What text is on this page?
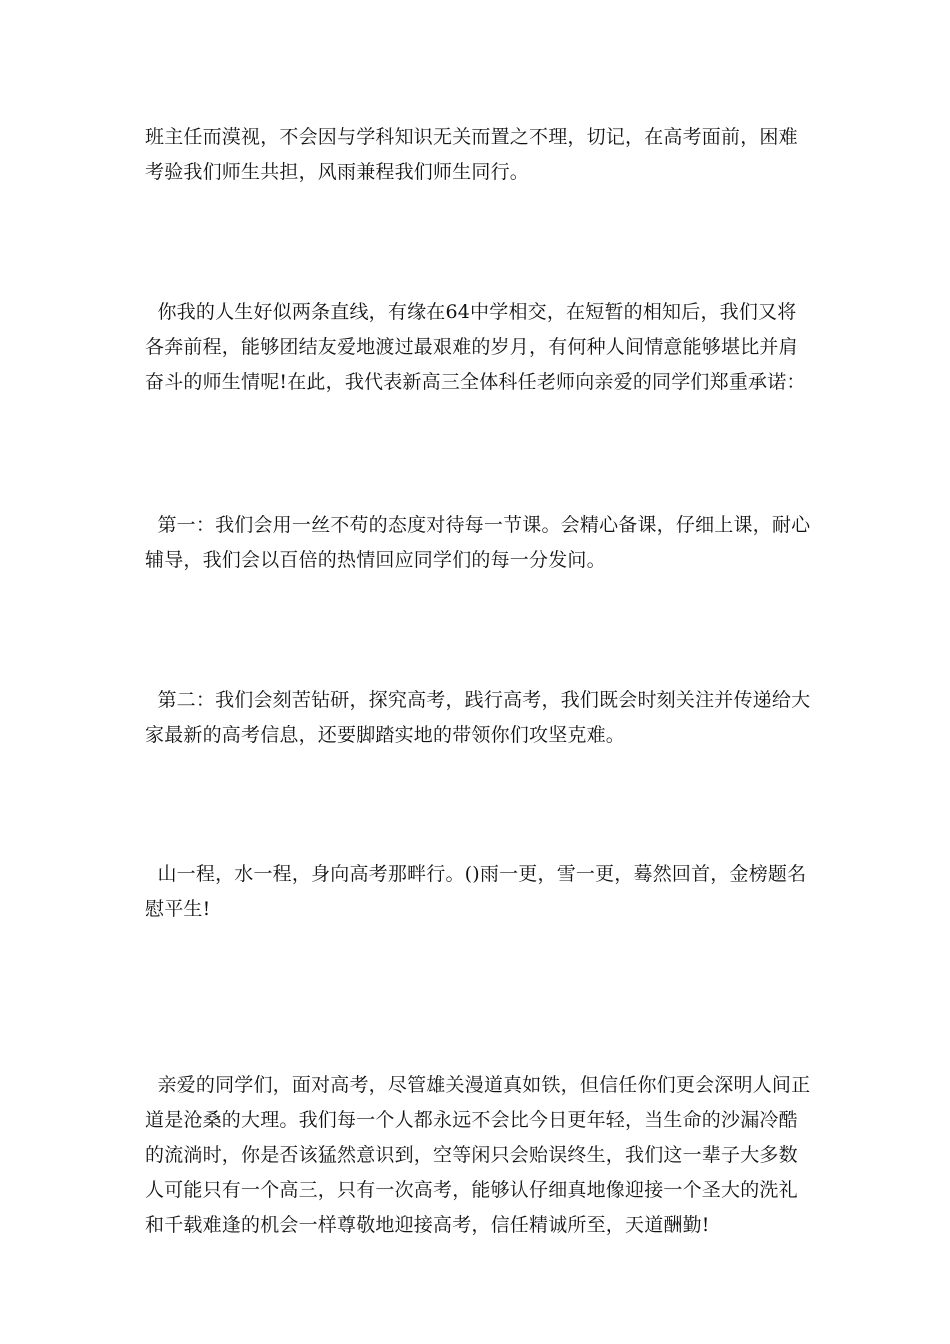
班主任而漠视，不会因与学科知识无关而置之不理，切记，在高考面前，困难
考验我们师生共担，风雨兼程我们师生同行。
你我的人生好似两条直线，有缘在64中学相交，在短暂的相知后，我们又将
各奔前程，能够团结友爱地渡过最艰难的岁月，有何种人间情意能够堪比并肩
奋斗的师生情呢!在此，我代表新高三全体科任老师向亲爱的同学们郑重承诺：
第一：我们会用一丝不苟的态度对待每一节课。会精心备课，仔细上课，耐心
辅导，我们会以百倍的热情回应同学们的每一分发问。
第二：我们会刻苦钻研，探究高考，践行高考，我们既会时刻关注并传递给大
家最新的高考信息，还要脚踏实地的带领你们攻坚克难。
山一程，水一程，身向高考那畔行。()雨一更，雪一更，蓦然回首，金榜题名
慰平生!
亲爱的同学们，面对高考，尽管雄关漫道真如铁，但信任你们更会深明人间正
道是沧桑的大理。我们每一个人都永远不会比今日更年轻，当生命的沙漏冷酷
的流淌时，你是否该猛然意识到，空等闲只会贻误终生，我们这一辈子大多数
人可能只有一个高三，只有一次高考，能够认仔细真地像迎接一个圣大的洗礼
和千载难逢的机会一样尊敬地迎接高考，信任精诚所至，天道酬勤!
